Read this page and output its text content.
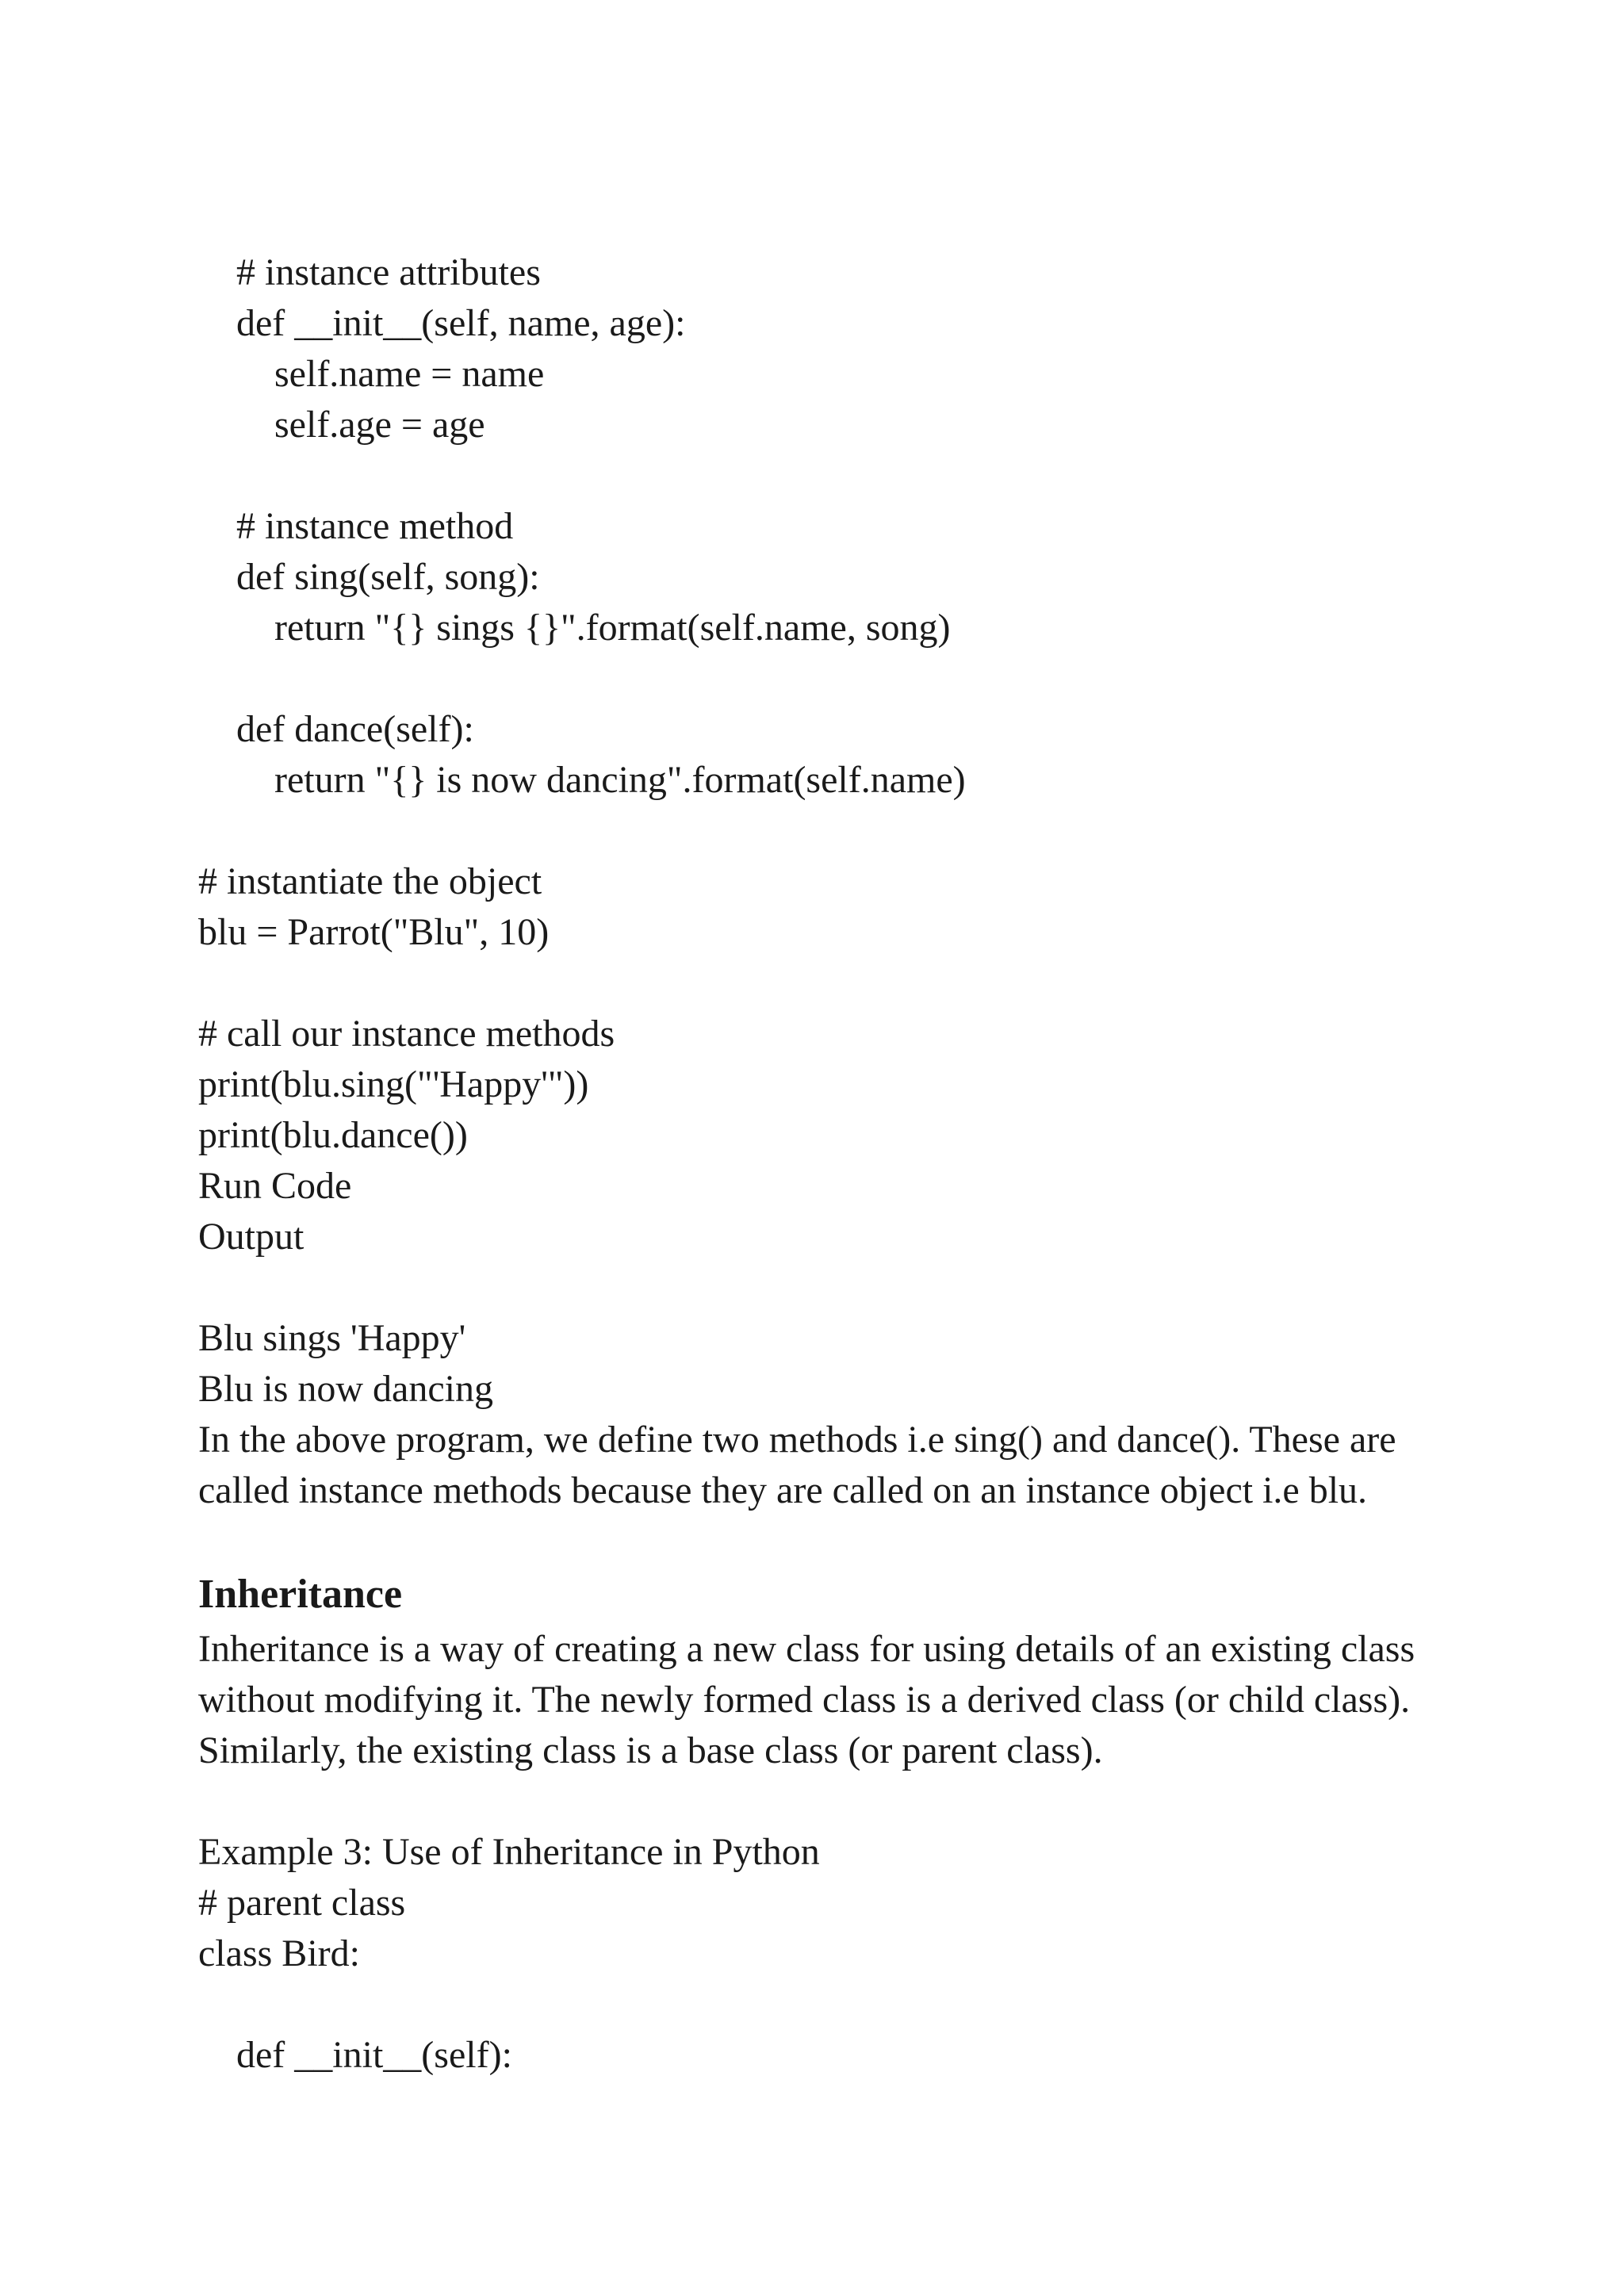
# instance attributes

def __init__(self, name, age):

self.name = name

self.age = age

# instance method

def sing(self, song):

return "{} sings {}".format(self.name, song)

def dance(self):

return "{} is now dancing".format(self.name)

# instantiate the object

blu = Parrot("Blu", 10)

# call our instance methods

print(blu.sing("'Happy'"))

print(blu.dance())

Run Code

Output

Blu sings 'Happy'

Blu is now dancing

In the above program, we define two methods i.e sing() and dance(). These are

called instance methods because they are called on an instance object i.e blu.

Inheritance

Inheritance is a way of creating a new class for using details of an existing class

without modifying it. The newly formed class is a derived class (or child class).

Similarly, the existing class is a base class (or parent class).

Example 3: Use of Inheritance in Python

# parent class

class Bird:

def __init__(self):
